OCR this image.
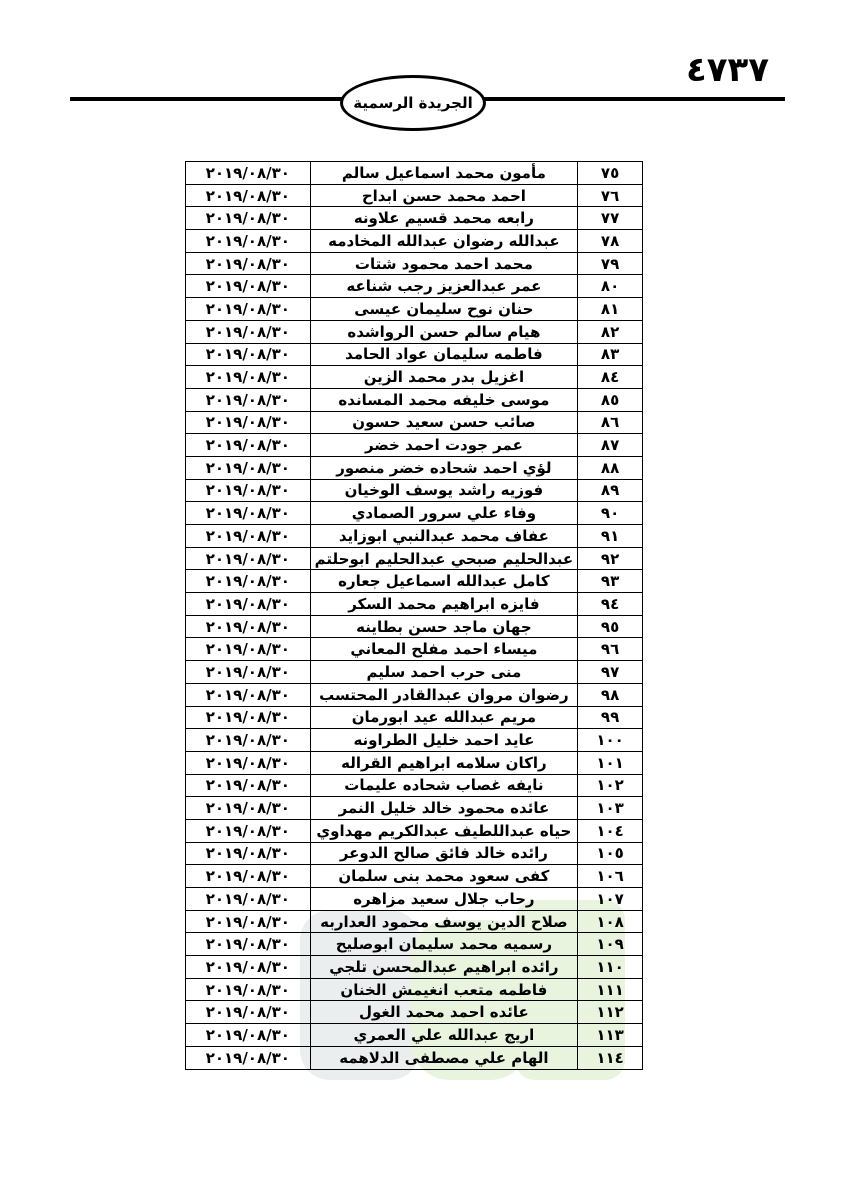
٤٧٣٧
الجريدة الرسمية
٧٥	مأمون محمد اسماعيل سالم	٢٠١٩/٠٨/٣٠
٧٦	احمد محمد حسن ابداح	٢٠١٩/٠٨/٣٠
٧٧	رابعه محمد قسيم علاونه	٢٠١٩/٠٨/٣٠
٧٨	عبدالله رضوان عبدالله المخادمه	٢٠١٩/٠٨/٣٠
٧٩	محمد احمد محمود شتات	٢٠١٩/٠٨/٣٠
٨٠	عمر عبدالعزيز رجب شناعه	٢٠١٩/٠٨/٣٠
٨١	حنان نوح سليمان عيسى	٢٠١٩/٠٨/٣٠
٨٢	هيام سالم حسن الرواشده	٢٠١٩/٠٨/٣٠
٨٣	فاطمه سليمان عواد الحامد	٢٠١٩/٠٨/٣٠
٨٤	اغزيل بدر محمد الزين	٢٠١٩/٠٨/٣٠
٨٥	موسى خليفه محمد المسانده	٢٠١٩/٠٨/٣٠
٨٦	صائب حسن سعيد حسون	٢٠١٩/٠٨/٣٠
٨٧	عمر جودت احمد خضر	٢٠١٩/٠٨/٣٠
٨٨	لؤي احمد شحاده خضر منصور	٢٠١٩/٠٨/٣٠
٨٩	فوزيه راشد يوسف الوخيان	٢٠١٩/٠٨/٣٠
٩٠	وفاء علي سرور الصمادي	٢٠١٩/٠٨/٣٠
٩١	عفاف محمد عبدالنبي ابوزايد	٢٠١٩/٠٨/٣٠
٩٢	عبدالحليم صبحي عبدالحليم ابوحلتم	٢٠١٩/٠٨/٣٠
٩٣	كامل عبدالله اسماعيل جعاره	٢٠١٩/٠٨/٣٠
٩٤	فايزه ابراهيم محمد السكر	٢٠١٩/٠٨/٣٠
٩٥	جهان ماجد حسن بطاينه	٢٠١٩/٠٨/٣٠
٩٦	ميساء احمد مفلح المعاني	٢٠١٩/٠٨/٣٠
٩٧	منى حرب احمد سليم	٢٠١٩/٠٨/٣٠
٩٨	رضوان مروان عبدالقادر المحتسب	٢٠١٩/٠٨/٣٠
٩٩	مريم عبدالله عيد ابورمان	٢٠١٩/٠٨/٣٠
١٠٠	عايد احمد خليل الطراونه	٢٠١٩/٠٨/٣٠
١٠١	راكان سلامه ابراهيم القراله	٢٠١٩/٠٨/٣٠
١٠٢	نايفه غصاب شحاده عليمات	٢٠١٩/٠٨/٣٠
١٠٣	عائده محمود خالد خليل النمر	٢٠١٩/٠٨/٣٠
١٠٤	حياه عبداللطيف عبدالكريم مهداوي	٢٠١٩/٠٨/٣٠
١٠٥	رائده خالد فائق صالح الدوعر	٢٠١٩/٠٨/٣٠
١٠٦	كفى سعود محمد بنى سلمان	٢٠١٩/٠٨/٣٠
١٠٧	رحاب جلال سعيد مزاهره	٢٠١٩/٠٨/٣٠
١٠٨	صلاح الدين يوسف محمود العداربه	٢٠١٩/٠٨/٣٠
١٠٩	رسميه محمد سليمان ابوصليح	٢٠١٩/٠٨/٣٠
١١٠	رائده ابراهيم عبدالمحسن تلجي	٢٠١٩/٠٨/٣٠
١١١	فاطمه متعب انغيمش الخنان	٢٠١٩/٠٨/٣٠
١١٢	عائده احمد محمد الغول	٢٠١٩/٠٨/٣٠
١١٣	اريج عبدالله علي العمري	٢٠١٩/٠٨/٣٠
١١٤	الهام علي مصطفى الدلاهمه	٢٠١٩/٠٨/٣٠
